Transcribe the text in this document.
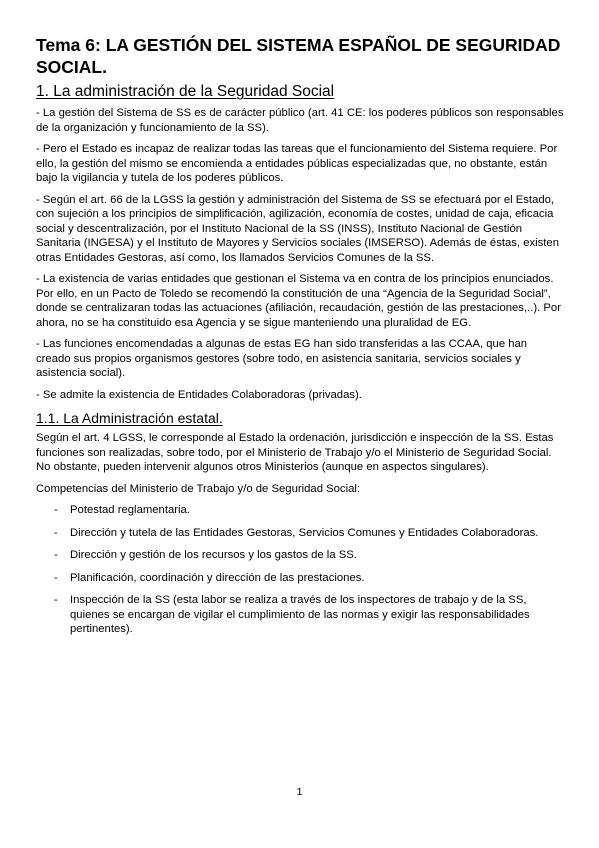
Tema 6: LA GESTIÓN DEL SISTEMA ESPAÑOL DE SEGURIDAD SOCIAL.
1. La administración de la Seguridad Social

- La gestión del Sistema de SS es de carácter público (art. 41 CE: los poderes públicos son responsables de la organización y funcionamiento de la SS).

- Pero el Estado es incapaz de realizar todas las tareas que el funcionamiento del Sistema requiere. Por ello, la gestión del mismo se encomienda a entidades públicas especializadas que, no obstante, están bajo la vigilancia y tutela de los poderes públicos.

- Según el art. 66 de la LGSS la gestión y administración del Sistema de SS se efectuará por el Estado, con sujeción a los principios de simplificación, agilización, economía de costes, unidad de caja, eficacia social y descentralización, por el Instituto Nacional de la SS (INSS), Instituto Nacional de Gestión Sanitaria (INGESA) y el Instituto de Mayores y Servicios sociales (IMSERSO). Además de éstas, existen otras Entidades Gestoras, así como, los llamados Servicios Comunes de la SS.

- La existencia de varias entidades que gestionan el Sistema va en contra de los principios enunciados. Por ello, en un Pacto de Toledo se recomendó la constitución de una “Agencia de la Seguridad Social”, donde se centralizaran todas las actuaciones (afiliación, recaudación, gestión de las prestaciones,..). Por ahora, no se ha constituido esa Agencia y se sigue manteniendo una pluralidad de EG.

- Las funciones encomendadas a algunas de estas EG han sido transferidas a las CCAA, que han creado sus propios organismos gestores (sobre todo, en asistencia sanitaria, servicios sociales y asistencia social).

- Se admite la existencia de Entidades Colaboradoras (privadas).

1.1. La Administración estatal.

Según el art. 4 LGSS, le corresponde al Estado la ordenación, jurisdicción e inspección de la SS. Estas funciones son realizadas, sobre todo, por el Ministerio de Trabajo y/o el Ministerio de Seguridad Social. No obstante, pueden intervenir algunos otros Ministerios (aunque en aspectos singulares).

Competencias del Ministerio de Trabajo y/o de Seguridad Social:

- Potestad reglamentaria.
- Dirección y tutela de las Entidades Gestoras, Servicios Comunes y Entidades Colaboradoras.
- Dirección y gestión de los recursos y los gastos de la SS.
- Planificación, coordinación y dirección de las prestaciones.
- Inspección de la SS (esta labor se realiza a través de los inspectores de trabajo y de la SS, quienes se encargan de vigilar el cumplimiento de las normas y exigir las responsabilidades pertinentes).
1
